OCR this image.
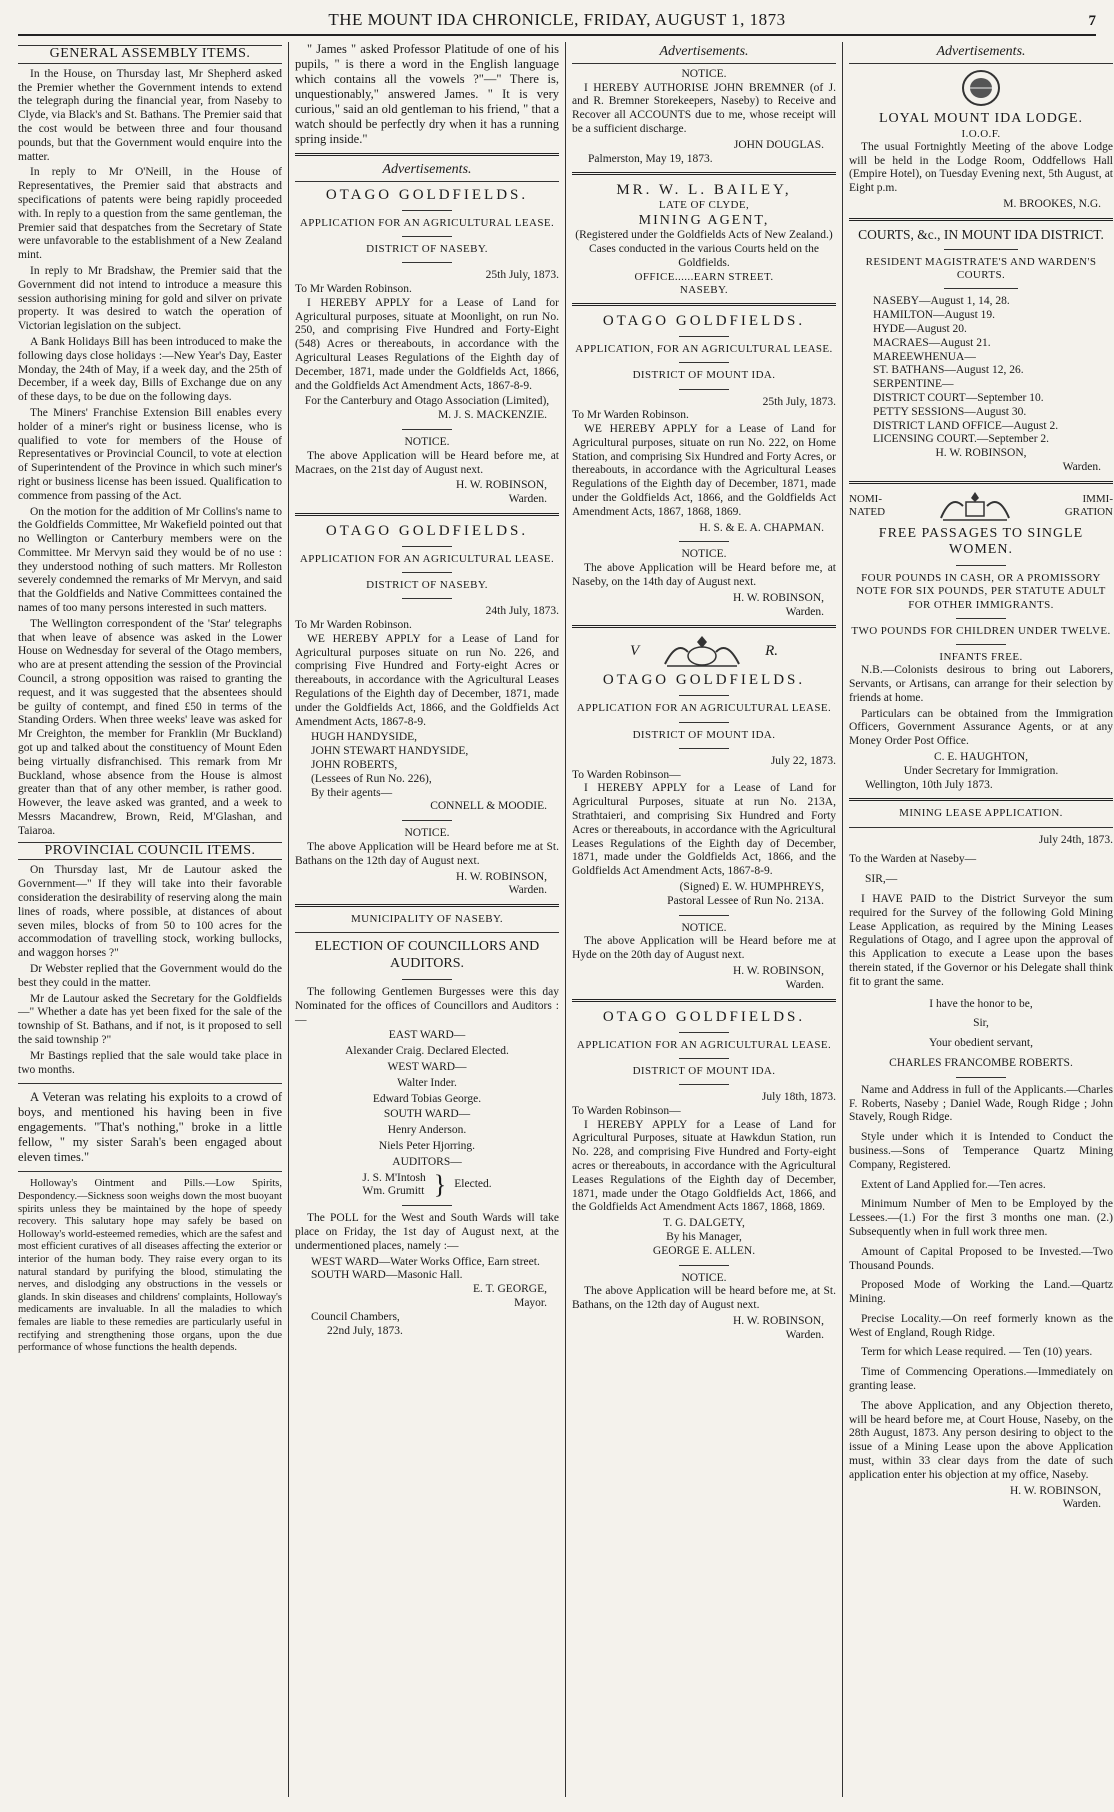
THE MOUNT IDA CHRONICLE, FRIDAY, AUGUST 1, 1873	7
GENERAL ASSEMBLY ITEMS.

In the House, on Thursday last, Mr Shepherd asked the Premier whether the Government intends to extend the telegraph during the financial year, from Naseby to Clyde, via Black's and St. Bathans. The Premier said that the cost would be between three and four thousand pounds, but that the Government would enquire into the matter.

In reply to Mr O'Neill, in the House of Representatives, the Premier said that abstracts and specifications of patents were being rapidly proceeded with. In reply to a question from the same gentleman, the Premier said that despatches from the Secretary of State were unfavorable to the establishment of a New Zealand mint.

In reply to Mr Bradshaw, the Premier said that the Government did not intend to introduce a measure this session authorising mining for gold and silver on private property. It was desired to watch the operation of Victorian legislation on the subject.

A Bank Holidays Bill has been introduced to make the following days close holidays :—New Year's Day, Easter Monday, the 24th of May, if a week day, and the 25th of December, if a week day, Bills of Exchange due on any of these days, to be due on the following days.

The Miners' Franchise Extension Bill enables every holder of a miner's right or business license, who is qualified to vote for members of the House of Representatives or Provincial Council, to vote at election of Superintendent of the Province in which such miner's right or business license has been issued. Qualification to commence from passing of the Act.

On the motion for the addition of Mr Collins's name to the Goldfields Committee, Mr Wakefield pointed out that no Wellington or Canterbury members were on the Committee. Mr Mervyn said they would be of no use : they understood nothing of such matters. Mr Rolleston severely condemned the remarks of Mr Mervyn, and said that the Goldfields and Native Committees contained the names of too many persons interested in such matters.

The Wellington correspondent of the 'Star' telegraphs that when leave of absence was asked in the Lower House on Wednesday for several of the Otago members, who are at present attending the session of the Provincial Council, a strong opposition was raised to granting the request, and it was suggested that the absentees should be guilty of contempt, and fined £50 in terms of the Standing Orders. When three weeks' leave was asked for Mr Creighton, the member for Franklin (Mr Buckland) got up and talked about the constituency of Mount Eden being virtually disfranchised. This remark from Mr Buckland, whose absence from the House is almost greater than that of any other member, is rather good. However, the leave asked was granted, and a week to Messrs Macandrew, Brown, Reid, M'Glashan, and Taiaroa.

PROVINCIAL COUNCIL ITEMS.

On Thursday last, Mr de Lautour asked the Government—" If they will take into their favorable consideration the desirability of reserving along the main lines of roads, where possible, at distances of about seven miles, blocks of from 50 to 100 acres for the accommodation of travelling stock, working bullocks, and waggon horses ?"

Dr Webster replied that the Government would do the best they could in the matter.

Mr de Lautour asked the Secretary for the Goldfields—" Whether a date has yet been fixed for the sale of the township of St. Bathans, and if not, is it proposed to sell the said township ?"

Mr Bastings replied that the sale would take place in two months.

A Veteran was relating his exploits to a crowd of boys, and mentioned his having been in five engagements. "That's nothing," broke in a little fellow, " my sister Sarah's been engaged about eleven times."

Holloway's Ointment and Pills.—Low Spirits, Despondency.—Sickness soon weighs down the most buoyant spirits unless they be maintained by the hope of speedy recovery. This salutary hope may safely be based on Holloway's world-esteemed remedies, which are the safest and most efficient curatives of all diseases affecting the exterior or interior of the human body. They raise every organ to its natural standard by purifying the blood, stimulating the nerves, and dislodging any obstructions in the vessels or glands. In skin diseases and childrens' complaints, Holloway's medicaments are invaluable. In all the maladies to which females are liable to these remedies are particularly useful in rectifying and strengthening those organs, upon the due performance of whose functions the health depends.

" James " asked Professor Platitude of one of his pupils, " is there a word in the English language which contains all the vowels ?"—" There is, unquestionably," answered James. " It is very curious," said an old gentleman to his friend, " that a watch should be perfectly dry when it has a running spring inside."

Advertisements.
OTAGO GOLDFIELDS.
APPLICATION FOR AN AGRICULTURAL LEASE.
DISTRICT OF NASEBY.
25th July, 1873.
To Mr Warden Robinson.

I HEREBY APPLY for a Lease of Land for Agricultural purposes, situate at Moonlight, on run No. 250, and comprising Five Hundred and Forty-Eight (548) Acres or thereabouts, in accordance with the Agricultural Leases Regulations of the Eighth day of December, 1871, made under the Goldfields Act, 1866, and the Goldfields Act Amendment Acts, 1867-8-9.

For the Canterbury and Otago Association (Limited),
M. J. S. MACKENZIE.
NOTICE.

The above Application will be Heard before me, at Macraes, on the 21st day of August next.

H. W. ROBINSON,
Warden.
OTAGO GOLDFIELDS.
APPLICATION FOR AN AGRICULTURAL LEASE.
DISTRICT OF NASEBY.
24th July, 1873.
To Mr Warden Robinson.

WE HEREBY APPLY for a Lease of Land for Agricultural purposes situate on run No. 226, and comprising Five Hundred and Forty-eight Acres or thereabouts, in accordance with the Agricultural Leases Regulations of the Eighth day of December, 1871, made under the Goldfields Act, 1866, and the Goldfields Act Amendment Acts, 1867-8-9.

HUGH HANDYSIDE,
JOHN STEWART HANDYSIDE,
JOHN ROBERTS,
(Lessees of Run No. 226),
By their agents—
CONNELL & MOODIE.
NOTICE.

The above Application will be Heard before me at St. Bathans on the 12th day of August next.

H. W. ROBINSON,
Warden.
MUNICIPALITY OF NASEBY.
ELECTION OF COUNCILLORS AND AUDITORS.

The following Gentlemen Burgesses were this day Nominated for the offices of Councillors and Auditors :—

EAST WARD—
Alexander Craig. Declared Elected.
WEST WARD—
Walter Inder.
Edward Tobias George.
SOUTH WARD—
Henry Anderson.
Niels Peter Hjorring.
AUDITORS—
J. S. M'Intosh
Wm. Grumitt } Elected.

The POLL for the West and South Wards will take place on Friday, the 1st day of August next, at the undermentioned places, namely :—

WEST WARD—Water Works Office, Earn street.
SOUTH WARD—Masonic Hall.
E. T. GEORGE,
Mayor.
Council Chambers,
22nd July, 1873.
Advertisements.
NOTICE.

I HEREBY AUTHORISE JOHN BREMNER (of J. and R. Bremner Storekeepers, Naseby) to Receive and Recover all ACCOUNTS due to me, whose receipt will be a sufficient discharge.

JOHN DOUGLAS.
Palmerston, May 19, 1873.
MR. W. L. BAILEY,
LATE OF CLYDE,
MINING AGENT,
(Registered under the Goldfields Acts of New Zealand.)
Cases conducted in the various Courts held on the Goldfields.
OFFICE......EARN STREET.
NASEBY.
OTAGO GOLDFIELDS.
APPLICATION, FOR AN AGRICULTURAL LEASE.
DISTRICT OF MOUNT IDA.
25th July, 1873.
To Mr Warden Robinson.

WE HEREBY APPLY for a Lease of Land for Agricultural purposes, situate on run No. 222, on Home Station, and comprising Six Hundred and Forty Acres, or thereabouts, in accordance with the Agricultural Leases Regulations of the Eighth day of December, 1871, made under the Goldfields Act, 1866, and the Goldfields Act Amendment Acts, 1867, 1868, 1869.

H. S. & E. A. CHAPMAN.
NOTICE.

The above Application will be Heard before me, at Naseby, on the 14th day of August next.

H. W. ROBINSON,
Warden.
V	R.
OTAGO GOLDFIELDS.
APPLICATION FOR AN AGRICULTURAL LEASE.
DISTRICT OF MOUNT IDA.
July 22, 1873.
To Warden Robinson—

I HEREBY APPLY for a Lease of Land for Agricultural Purposes, situate at run No. 213A, Strathtaieri, and comprising Six Hundred and Forty Acres or thereabouts, in accordance with the Agricultural Leases Regulations of the Eighth day of December, 1871, made under the Goldfields Act, 1866, and the Goldfields Act Amendment Acts, 1867-8-9.

(Signed) E. W. HUMPHREYS,
Pastoral Lessee of Run No. 213A.
NOTICE.

The above Application will be Heard before me at Hyde on the 20th day of August next.

H. W. ROBINSON,
Warden.
OTAGO GOLDFIELDS.
APPLICATION FOR AN AGRICULTURAL LEASE.
DISTRICT OF MOUNT IDA.
July 18th, 1873.
To Warden Robinson—

I HEREBY APPLY for a Lease of Land for Agricultural Purposes, situate at Hawkdun Station, run No. 228, and comprising Five Hundred and Forty-eight acres or thereabouts, in accordance with the Agricultural Leases Regulations of the Eighth day of December, 1871, made under the Otago Goldfields Act, 1866, and the Goldfields Act Amendment Acts 1867, 1868, 1869.

T. G. DALGETY,
By his Manager,
GEORGE E. ALLEN.
NOTICE.

The above Application will be heard before me, at St. Bathans, on the 12th day of August next.

H. W. ROBINSON,
Warden.
Advertisements.
LOYAL MOUNT IDA LODGE.
I.O.O.F.

The usual Fortnightly Meeting of the above Lodge will be held in the Lodge Room, Oddfellows Hall (Empire Hotel), on Tuesday Evening next, 5th August, at Eight p.m.

M. BROOKES, N.G.
COURTS, &c., IN MOUNT IDA DISTRICT.
RESIDENT MAGISTRATE'S AND WARDEN'S COURTS.
NASEBY—August 1, 14, 28.
HAMILTON—August 19.
HYDE—August 20.
MACRAES—August 21.
MAREEWHENUA—
ST. BATHANS—August 12, 26.
SERPENTINE—
DISTRICT COURT—September 10.
PETTY SESSIONS—August 30.
DISTRICT LAND OFFICE—August 2.
LICENSING COURT.—September 2.
H. W. ROBINSON,
Warden.
NOMI-
NATED
IMMI-
GRATION
FREE PASSAGES TO SINGLE WOMEN.
FOUR POUNDS IN CASH, OR A PROMISSORY NOTE FOR SIX POUNDS, PER STATUTE ADULT FOR OTHER IMMIGRANTS.
TWO POUNDS FOR CHILDREN UNDER TWELVE.
INFANTS FREE.

N.B.—Colonists desirous to bring out Laborers, Servants, or Artisans, can arrange for their selection by friends at home.

Particulars can be obtained from the Immigration Officers, Government Assurance Agents, or at any Money Order Post Office.

C. E. HAUGHTON,
Under Secretary for Immigration.
Wellington, 10th July 1873.
MINING LEASE APPLICATION.
July 24th, 1873.
To the Warden at Naseby—
SIR,—

I HAVE PAID to the District Surveyor the sum required for the Survey of the following Gold Mining Lease Application, as required by the Mining Leases Regulations of Otago, and I agree upon the approval of this Application to execute a Lease upon the bases therein stated, if the Governor or his Delegate shall think fit to grant the same.

I have the honor to be,
Sir,
Your obedient servant,
CHARLES FRANCOMBE ROBERTS.

Name and Address in full of the Applicants.—Charles F. Roberts, Naseby ; Daniel Wade, Rough Ridge ; John Stavely, Rough Ridge.

Style under which it is Intended to Conduct the business.—Sons of Temperance Quartz Mining Company, Registered.

Extent of Land Applied for.—Ten acres.

Minimum Number of Men to be Employed by the Lessees.—(1.) For the first 3 months one man. (2.) Subsequently when in full work three men.

Amount of Capital Proposed to be Invested.—Two Thousand Pounds.

Proposed Mode of Working the Land.—Quartz Mining.

Precise Locality.—On reef formerly known as the West of England, Rough Ridge.

Term for which Lease required. — Ten (10) years.

Time of Commencing Operations.—Immediately on granting lease.

The above Application, and any Objection thereto, will be heard before me, at Court House, Naseby, on the 28th August, 1873. Any person desiring to object to the issue of a Mining Lease upon the above Application must, within 33 clear days from the date of such application enter his objection at my office, Naseby.

H. W. ROBINSON,
Warden.
